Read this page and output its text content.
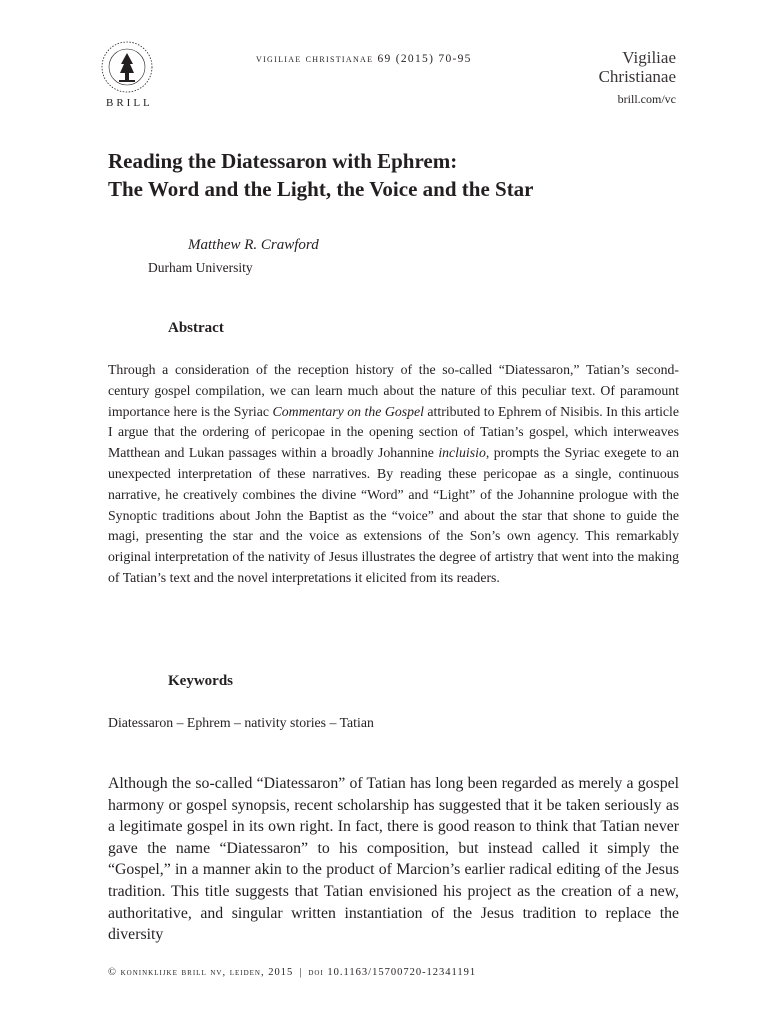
BRILL
vigiliae christianae 69 (2015) 70-95	Vigiliae
Christianae
brill.com/vc
Reading the Diatessaron with Ephrem:
The Word and the Light, the Voice and the Star
Matthew R. Crawford
Durham University
Abstract
Through a consideration of the reception history of the so-called “Diatessaron,” Tatian’s second-century gospel compilation, we can learn much about the nature of this peculiar text. Of paramount importance here is the Syriac Commentary on the Gospel attributed to Ephrem of Nisibis. In this article I argue that the ordering of pericopae in the opening section of Tatian’s gospel, which interweaves Matthean and Lukan passages within a broadly Johannine incluisio, prompts the Syriac exegete to an unexpected interpretation of these narratives. By reading these pericopae as a single, continuous narrative, he creatively combines the divine “Word” and “Light” of the Johannine prologue with the Synoptic traditions about John the Baptist as the “voice” and about the star that shone to guide the magi, presenting the star and the voice as extensions of the Son’s own agency. This remarkably original interpretation of the nativity of Jesus illustrates the degree of artistry that went into the making of Tatian’s text and the novel interpretations it elicited from its readers.
Keywords
Diatessaron – Ephrem – nativity stories – Tatian
Although the so-called “Diatessaron” of Tatian has long been regarded as merely a gospel harmony or gospel synopsis, recent scholarship has suggested that it be taken seriously as a legitimate gospel in its own right. In fact, there is good reason to think that Tatian never gave the name “Diatessaron” to his composition, but instead called it simply the “Gospel,” in a manner akin to the product of Marcion’s earlier radical editing of the Jesus tradition. This title suggests that Tatian envisioned his project as the creation of a new, authoritative, and singular written instantiation of the Jesus tradition to replace the diversity
© koninklijke brill nv, leiden, 2015 | doi 10.1163/15700720-12341191
